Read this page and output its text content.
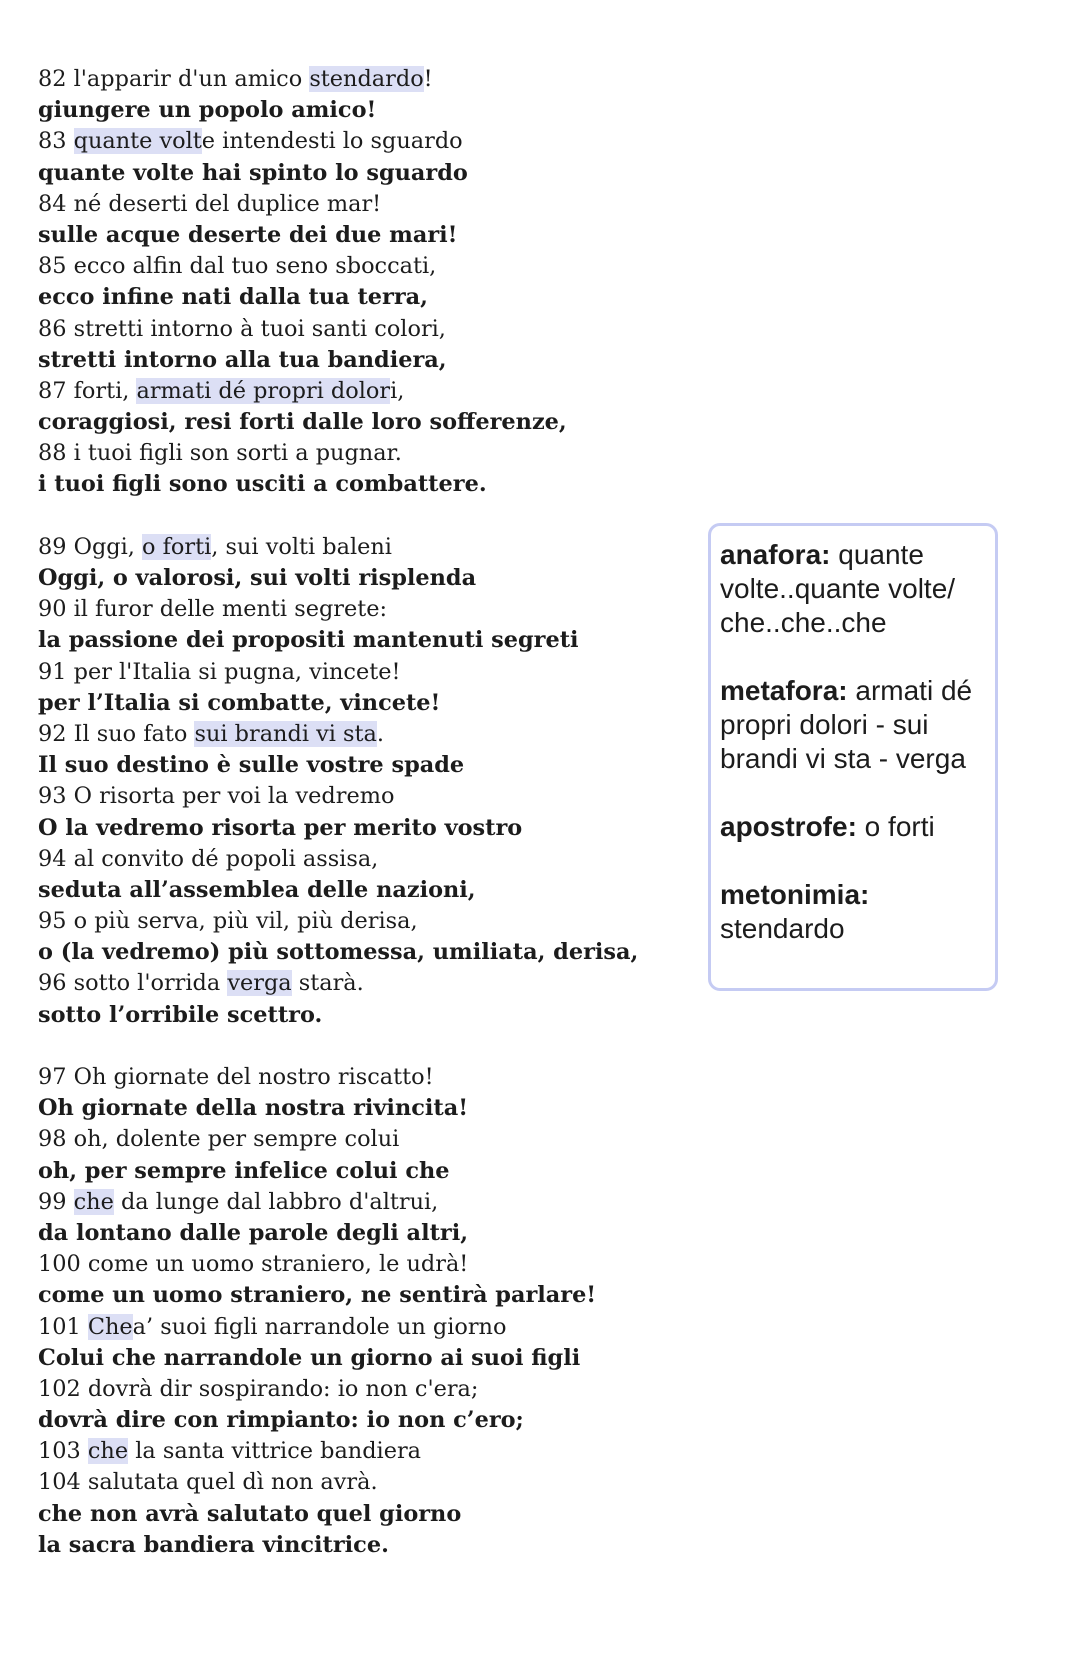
82 l'apparir d'un amico stendardo!
giungere un popolo amico!
83 quante volte intendesti lo sguardo
quante volte hai spinto lo sguardo
84 né deserti del duplice mar!
sulle acque deserte dei due mari!
85 ecco alfin dal tuo seno sboccati,
ecco infine nati dalla tua terra,
86 stretti intorno à tuoi santi colori,
stretti intorno alla tua bandiera,
87 forti, armati dé propri dolori,
coraggiosi, resi forti dalle loro sofferenze,
88 i tuoi figli son sorti a pugnar.
i tuoi figli sono usciti a combattere.
89 Oggi, o forti, sui volti baleni
Oggi, o valorosi, sui volti risplenda
90 il furor delle menti segrete:
la passione dei propositi mantenuti segreti
91 per l'Italia si pugna, vincete!
per l’Italia si combatte, vincete!
92 Il suo fato sui brandi vi sta.
Il suo destino è sulle vostre spade
93 O risorta per voi la vedremo
O la vedremo risorta per merito vostro
94 al convito dé popoli assisa,
seduta all’assemblea delle nazioni,
95 o più serva, più vil, più derisa,
o (la vedremo) più sottomessa, umiliata, derisa,
96 sotto l'orrida verga starà.
sotto l’orribile scettro.
97 Oh giornate del nostro riscatto!
Oh giornate della nostra rivincita!
98 oh, dolente per sempre colui
oh, per sempre infelice colui che
99 che da lunge dal labbro d'altrui,
da lontano dalle parole degli altri,
100 come un uomo straniero, le udrà!
come un uomo straniero, ne sentirà parlare!
101 Chea’ suoi figli narrandole un giorno
Colui che narrandole un giorno ai suoi figli
102 dovrà dir sospirando: io non c'era;
dovrà dire con rimpianto: io non c’ero;
103 che la santa vittrice bandiera
104 salutata quel dì non avrà.
che non avrà salutato quel giorno
la sacra bandiera vincitrice.
anafora: quante volte..quante volte/ che..che..che
metafora: armati dé propri dolori - sui brandi vi sta - verga
apostrofe: o forti
metonimia: stendardo
